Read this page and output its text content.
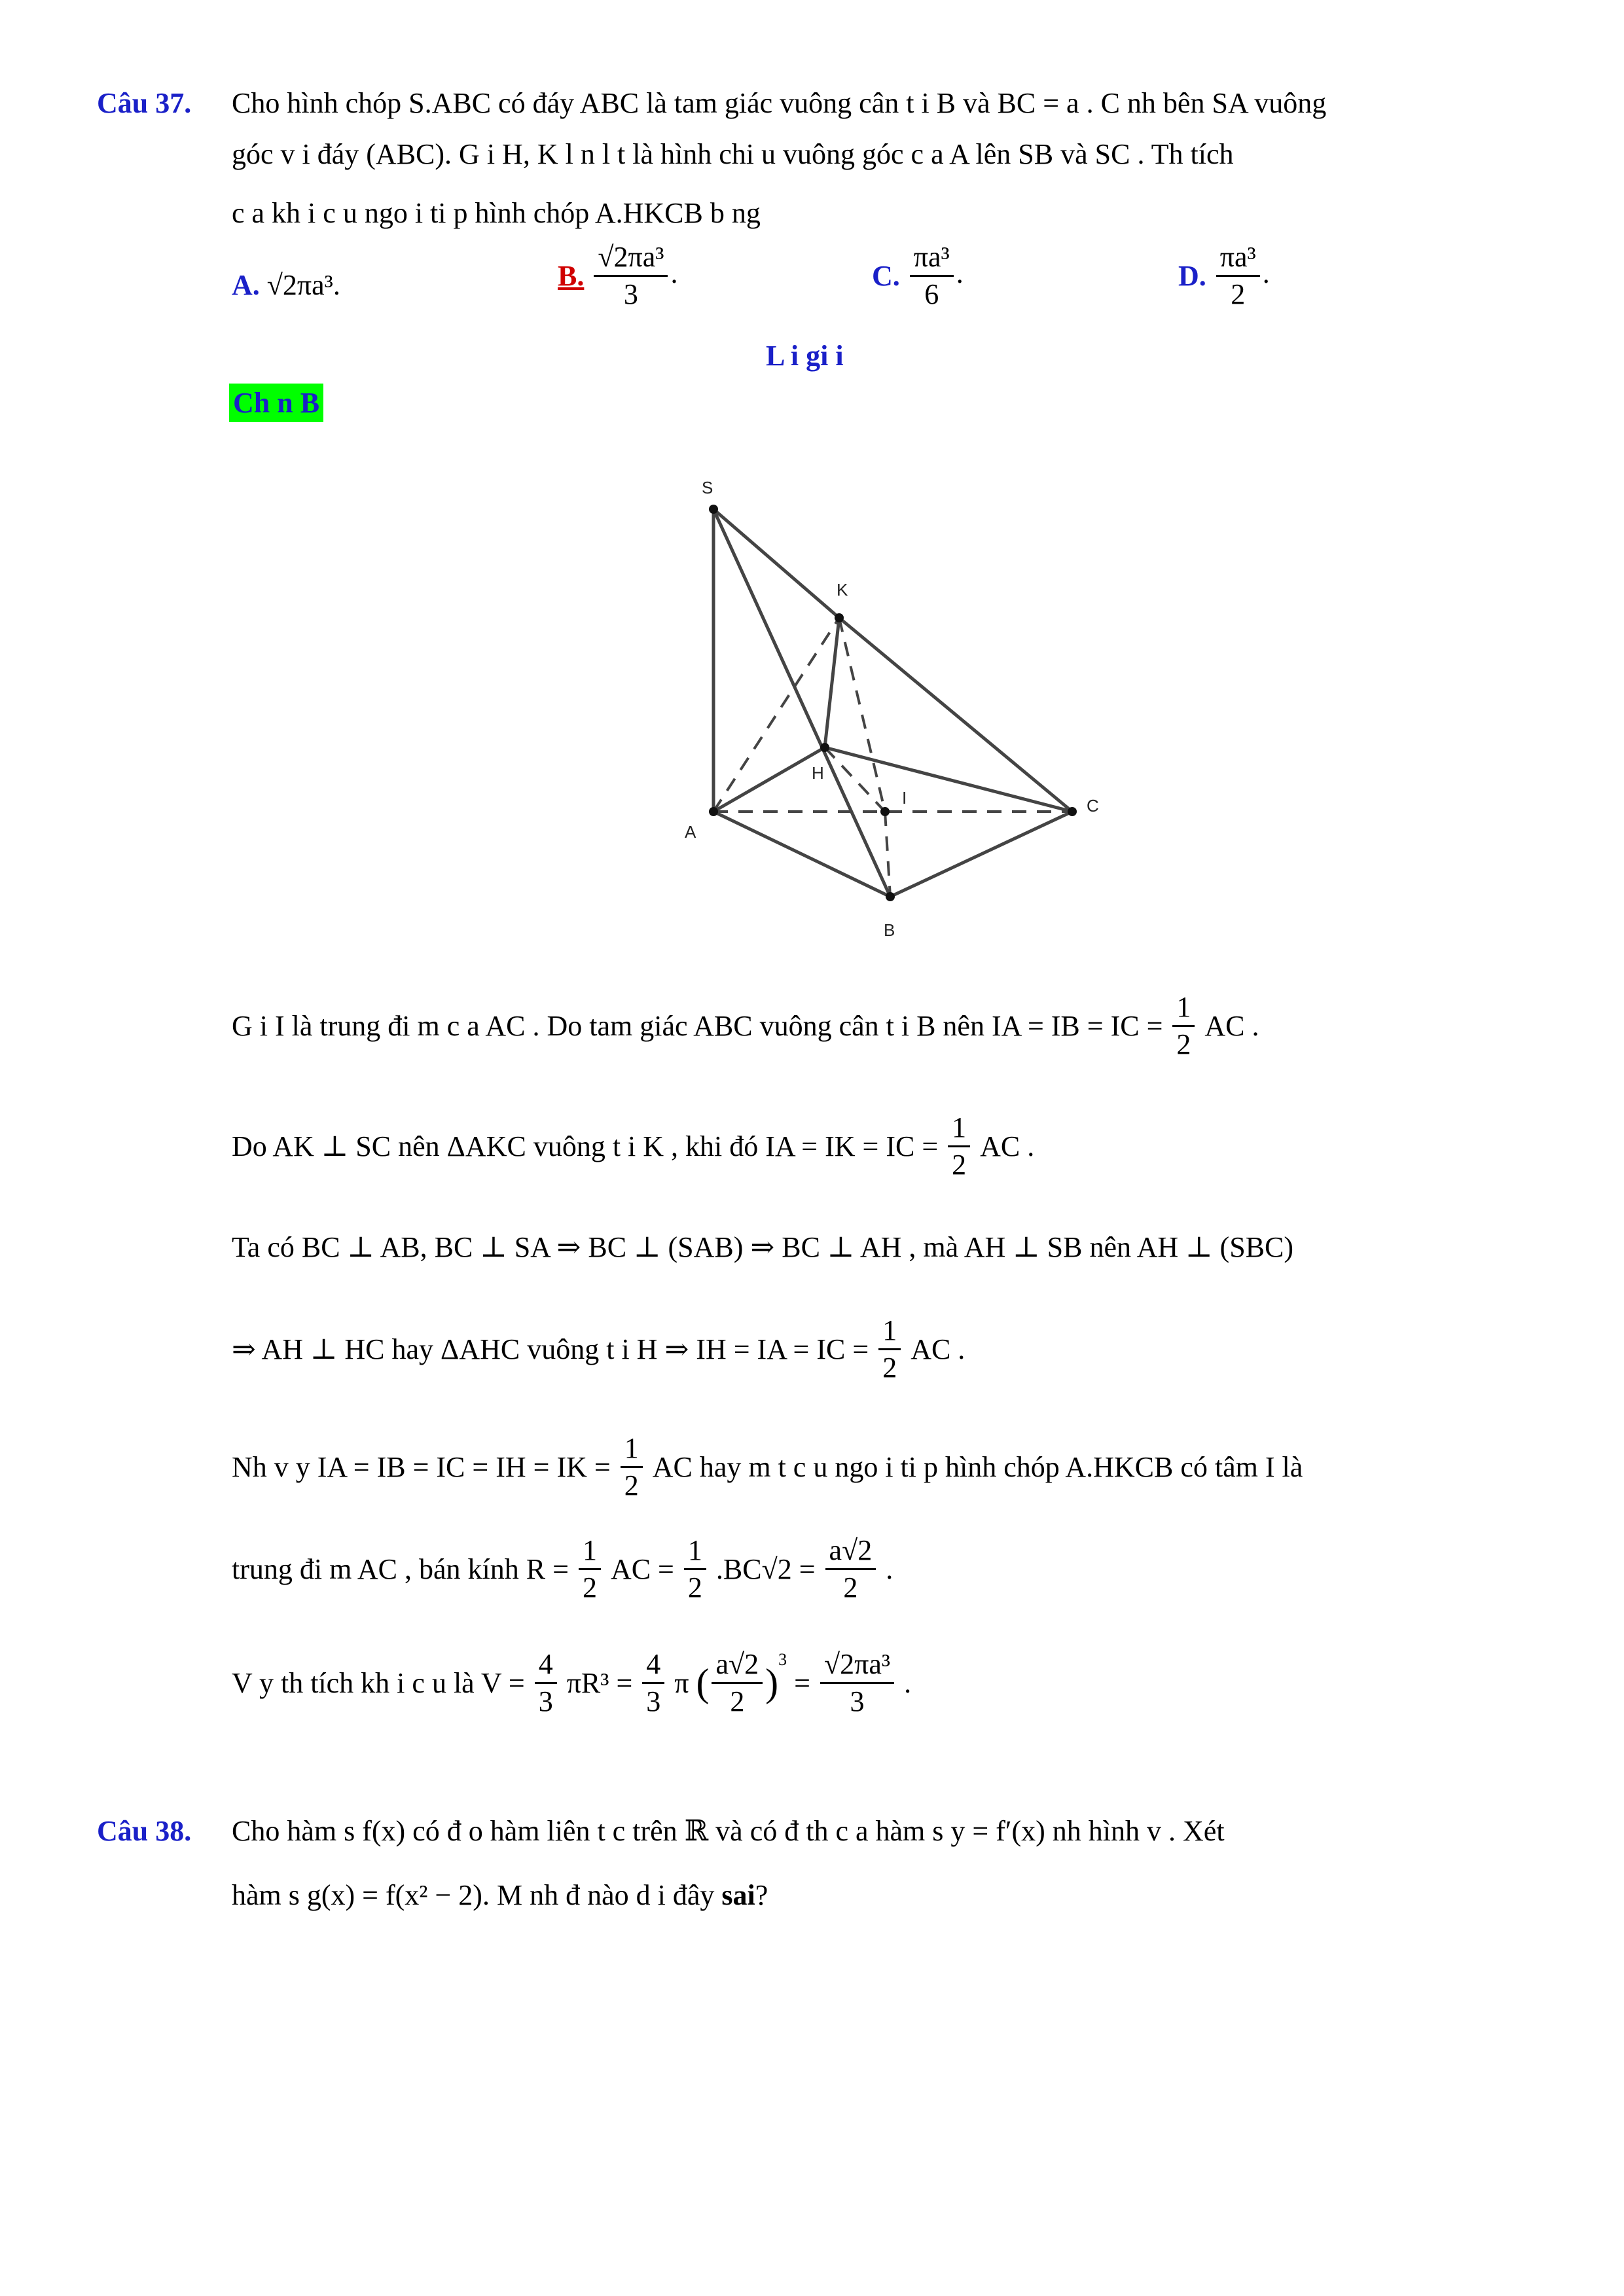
Câu 37. Cho hình chóp S.ABC có đáy ABC là tam giác vuông cân t i B và BC = a . C nh bên SA vuông
góc v i đáy (ABC). G i H, K l n l t là hình chi u vuông góc c a A lên SB và SC . Th tích
c a kh i c u ngo i ti p hình chóp A.HKCB b ng
A. √2πa³.	B. $\frac{\text{√2πa³}}{3}$ .	C. $\frac{\text{πa³}}{6}$ .	D. $\frac{\text{πa³}}{2}$ .
L i gi i
Ch n B
S
K
H
I
A
C
B
G i I là trung đi m c a AC . Do tam giác ABC vuông cân t i B nên IA = IB = IC = $\frac{1}{2}$ AC .
Do AK ⊥ SC nên ΔAKC vuông t i K , khi đó IA = IK = IC = $\frac{1}{2}$ AC .
Ta có BC ⊥ AB, BC ⊥ SA ⇒ BC ⊥ (SAB) ⇒ BC ⊥ AH , mà AH ⊥ SB nên AH ⊥ (SBC)
⇒ AH ⊥ HC hay ΔAHC vuông t i H ⇒ IH = IA = IC = $\frac{1}{2}$ AC .
Nh v y IA = IB = IC = IH = IK = $\frac{1}{2}$ AC hay m t c u ngo i ti p hình chóp A.HKCB có tâm I là
trung đi m AC , bán kính $R = \frac{1}{2}$ AC = $\frac{1}{2} .BC√2 = \frac{a√2}{2}$ .
V y th tích kh i c u là $V = \frac{4}{3} \pi R^3 = \frac{4}{3}$ π ( $\frac{a√2}{2} )^3 = \frac{\text{√2πa³}}{3}$ .
Câu 38. Cho hàm s f(x) có đ o hàm liên t c trên ℝ và có đ th c a hàm s y = f′(x) nh hình v . Xét
hàm s g(x) = f(x² − 2). M nh đ nào d i đây sai?
